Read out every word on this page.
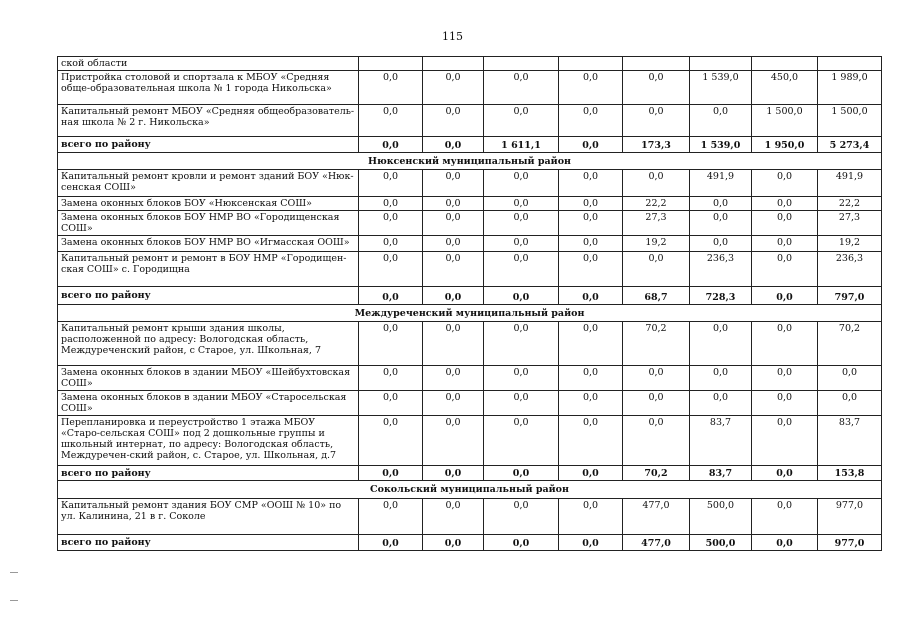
115
ской области								
Пристройка столовой и спортзала к МБОУ «Средняя обще-образовательная школа № 1 города Никольска»	0,0	0,0	0,0	0,0	0,0	1 539,0	450,0	1 989,0
Капитальный ремонт МБОУ «Средняя общеобразователь-ная школа № 2 г. Никольска»	0,0	0,0	0,0	0,0	0,0	0,0	1 500,0	1 500,0
всего по району	0,0	0,0	1 611,1	0,0	173,3	1 539,0	1 950,0	5 273,4
Нюксенский муниципальный район								
Капитальный ремонт кровли и ремонт зданий БОУ «Нюк-сенская СОШ»	0,0	0,0	0,0	0,0	0,0	491,9	0,0	491,9
Замена оконных блоков БОУ «Нюксенская СОШ»	0,0	0,0	0,0	0,0	22,2	0,0	0,0	22,2
Замена оконных блоков БОУ НМР ВО «Городищенская СОШ»	0,0	0,0	0,0	0,0	27,3	0,0	0,0	27,3
Замена оконных блоков БОУ НМР ВО «Игмасская ООШ»	0,0	0,0	0,0	0,0	19,2	0,0	0,0	19,2
Капитальный ремонт и ремонт в БОУ НМР «Городищен-ская СОШ» с. Городищна	0,0	0,0	0,0	0,0	0,0	236,3	0,0	236,3
всего по району	0,0	0,0	0,0	0,0	68,7	728,3	0,0	797,0
Междуреченский муниципальный район								
Капитальный ремонт крыши здания школы, расположенной по адресу: Вологодская область, Междуреченский район, с Старое, ул. Школьная, 7	0,0	0,0	0,0	0,0	70,2	0,0	0,0	70,2
Замена оконных блоков в здании МБОУ «Шейбухтовская СОШ»	0,0	0,0	0,0	0,0	0,0	0,0	0,0	0,0
Замена оконных блоков в здании МБОУ «Старосельская СОШ»	0,0	0,0	0,0	0,0	0,0	0,0	0,0	0,0
Перепланировка и переустройство 1 этажа МБОУ «Старо-сельская СОШ» под 2 дошкольные группы и школьный интернат, по адресу: Вологодская область, Междуречен-ский район, с. Старое, ул. Школьная, д.7	0,0	0,0	0,0	0,0	0,0	83,7	0,0	83,7
всего по району	0,0	0,0	0,0	0,0	70,2	83,7	0,0	153,8
Сокольский муниципальный район								
Капитальный ремонт здания БОУ СМР «ООШ № 10» по ул. Калинина, 21 в г. Соколе	0,0	0,0	0,0	0,0	477,0	500,0	0,0	977,0
всего по району	0,0	0,0	0,0	0,0	477,0	500,0	0,0	977,0
